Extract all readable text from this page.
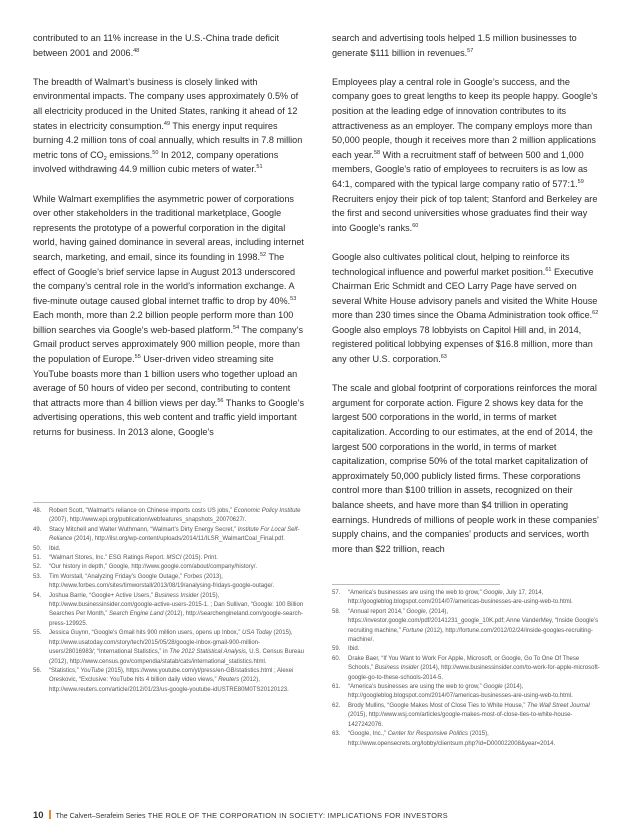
contributed to an 11% increase in the U.S.-China trade deficit between 2001 and 2006.48

The breadth of Walmart’s business is closely linked with environmental impacts. The company uses approximately 0.5% of all electricity produced in the United States, ranking it ahead of 12 states in electricity consumption.$^{49}$ This energy input requires burning 4.2 million tons of coal annually, which results in 7.8 million metric tons of $CO_2$ emissions.$^{50}$ In 2012, company operations involved withdrawing 44.9 million cubic meters of water.$^{51}$

While Walmart exemplifies the asymmetric power of corporations over other stakeholders in the traditional marketplace, Google represents the prototype of a powerful corporation in the digital world, having gained dominance in several areas, including internet search, marketing, and email, since its founding in 1998.52 The effect of Google’s brief service lapse in August 2013 underscored the company’s central role in the world’s information exchange. A five-minute outage caused global internet traffic to drop by 40%.$^{53}$ Each month, more than 2.2 billion people perform more than 100 billion searches via Google’s web-based platform.$^{54}$ The company’s Gmail product serves approximately 900 million people, more than the population of Europe.$^{55}$ User-driven video streaming site YouTube boasts more than 1 billion users who together upload an average of 50 hours of video per second, contributing to content that attracts more than 4 billion views per day.$^{56}$ Thanks to Google’s advertising operations, this web content and traffic yield important returns for business. In 2013 alone, Google’s

search and advertising tools helped 1.5 million businesses to generate $111 billion in revenues.$^{57}$

Employees play a central role in Google’s success, and the company goes to great lengths to keep its people happy. Google’s position at the leading edge of innovation contributes to its attractiveness as an employer. The company employs more than 50,000 people, though it receives more than 2 million applications each year.$^{58}$ With a recruitment staff of between 500 and 1,000 members, Google’s ratio of employees to recruiters is as low as 64:1, compared with the typical large company ratio of 577:1.59 Recruiters enjoy their pick of top talent; Stanford and Berkeley are the first and second universities whose graduates find their way into Google’s ranks.$^{60}$

Google also cultivates political clout, helping to reinforce its technological influence and powerful market position.$^{61}$ Executive Chairman Eric Schmidt and CEO Larry Page have served on several White House advisory panels and visited the White House more than 230 times since the Obama Administration took office.$^{62}$ Google also employs 78 lobbyists on Capitol Hill and, in 2014, registered political lobbying expenses of $16.8 million, more than any other U.S. corporation.$^{63}$

The scale and global footprint of corporations reinforces the moral argument for corporate action. Figure 2 shows key data for the largest 500 corporations in the world, in terms of market capitalization. According to our estimates, at the end of 2014, the largest 500 corporations in the world, in terms of market capitalization, comprise 50% of the total market capitalization of approximately 50,000 publicly listed firms. These corporations control more than $100 trillion in assets, recognized on their balance sheets, and have more than $4 trillion in operating earnings. Hundreds of millions of people work in these companies’ supply chains, and the companies’ products and services, worth more than $22 trillion, reach

48.	Robert Scott, “Walmart’s reliance on Chinese imports costs US jobs,” Economic Policy Institute (2007), http://www.epi.org/publication/webfeatures_snapshots_20070627/.
49.	Stacy Mitchell and Walter Wuthmann, “Walmart’s Dirty Energy Secret,” Institute For Local Self-Reliance (2014), http://ilsr.org/wp-content/uploads/2014/11/ILSR_WalmartCoal_Final.pdf.
50.	Ibid.
51.	“Walmart Stores, Inc.” ESG Ratings Report. MSCI (2015). Print.
52.	“Our history in depth,” Google, http://www.google.com/about/company/history/.
53.	Tim Worstall, “Analyzing Friday’s Google Outage,” Forbes (2013), http://www.forbes.com/sites/timworstall/2013/08/19/analysing-fridays-google-outage/.
54.	Joshua Barrie, “Google+ Active Users,” Business Insider (2015), http://www.businessinsider.com/google-active-users-2015-1. ; Dan Sullivan, “Google: 100 Billion Searches Per Month,” Search Engine Land (2012), http://searchengineland.com/google-search-press-129925.
55.	Jessica Guynn, “Google’s Gmail hits 900 million users, opens up Inbox,” USA Today (2015), http://www.usatoday.com/story/tech/2015/05/28/google-inbox-gmail-900-million-users/28016983/; “International Statistics,” in The 2012 Statistical Analysis, U.S. Census Bureau (2012), http://www.census.gov/compendia/statab/cats/international_statistics.html.
56.	“Statistics,” YouTube (2015), https://www.youtube.com/yt/press/en-GB/statistics.html ; Alexei Oreskovic, “Exclusive: YouTube hits 4 billion daily video views,” Reuters (2012), http://www.reuters.com/article/2012/01/23/us-google-youtube-idUSTRE80M0TS20120123.
57.	“America’s businesses are using the web to grow,” Google, July 17, 2014, http://googleblog.blogspot.com/2014/07/americas-businesses-are-using-web-to.html.
58.	“Annual report 2014,” Google, (2014), https://investor.google.com/pdf/20141231_google_10K.pdf; Anne VanderMey, “Inside Google’s recruiting machine,” Fortune (2012), http://fortune.com/2012/02/24/inside-googles-recruiting-machine/.
59.	Ibid.
60.	Drake Baer, “If You Want to Work For Apple, Microsoft, or Google, Go To One Of These Schools,” Business Insider (2014), http://www.businessinsider.com/to-work-for-apple-microsoft-google-go-to-these-schools-2014-5.
61.	“America’s businesses are using the web to grow,” Google (2014), http://googleblog.blogspot.com/2014/07/americas-businesses-are-using-web-to.html.
62.	Brody Mullins, “Google Makes Most of Close Ties to White House,” The Wall Street Journal (2015), http://www.wsj.com/articles/google-makes-most-of-close-ties-to-white-house-1427242076.
63.	“Google, Inc.,” Center for Responsive Politics (2015), http://www.opensecrets.org/lobby/clientsum.php?id=D000022008&year=2014.
10 The Calvert–Serafeim Series THE ROLE OF THE CORPORATION IN SOCIETY: IMPLICATIONS FOR INVESTORS
